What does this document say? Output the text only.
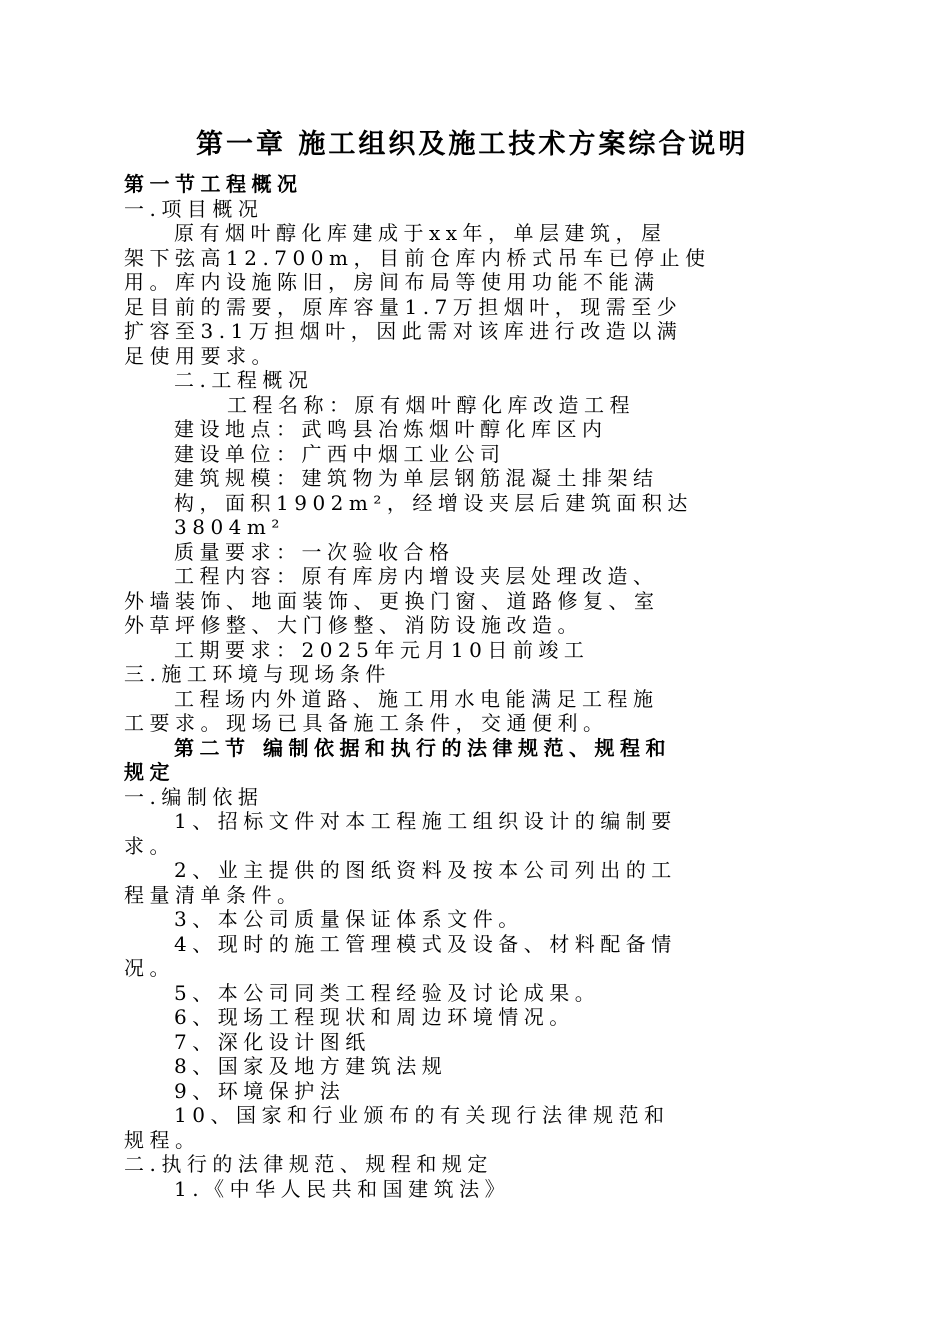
第一章 施工组织及施工技术方案综合说明

第一节工程概况

一.项目概况

原有烟叶醇化库建成于xx年，单层建筑，屋

架下弦高12.700m，目前仓库内桥式吊车已停止使

用。库内设施陈旧，房间布局等使用功能不能满

足目前的需要，原库容量1.7万担烟叶，现需至少

扩容至3.1万担烟叶，因此需对该库进行改造以满

足使用要求。

二.工程概况

工程名称：原有烟叶醇化库改造工程

建设地点：武鸣县冶炼烟叶醇化库区内

建设单位：广西中烟工业公司

建筑规模：建筑物为单层钢筋混凝土排架结

构，面积1902m²，经增设夹层后建筑面积达

3804m²

质量要求：一次验收合格

工程内容：原有库房内增设夹层处理改造、

外墙装饰、地面装饰、更换门窗、道路修复、室

外草坪修整、大门修整、消防设施改造。

工期要求：2025年元月10日前竣工

三.施工环境与现场条件

工程场内外道路、施工用水电能满足工程施

工要求。现场已具备施工条件，交通便利。

第二节 编制依据和执行的法律规范、规程和

规定

一.编制依据

1、招标文件对本工程施工组织设计的编制要

求。

2、业主提供的图纸资料及按本公司列出的工

程量清单条件。

3、本公司质量保证体系文件。

4、现时的施工管理模式及设备、材料配备情

况。

5、本公司同类工程经验及讨论成果。

6、现场工程现状和周边环境情况。

7、深化设计图纸

8、国家及地方建筑法规

9、环境保护法

10、国家和行业颁布的有关现行法律规范和

规程。

二.执行的法律规范、规程和规定

1.《中华人民共和国建筑法》
